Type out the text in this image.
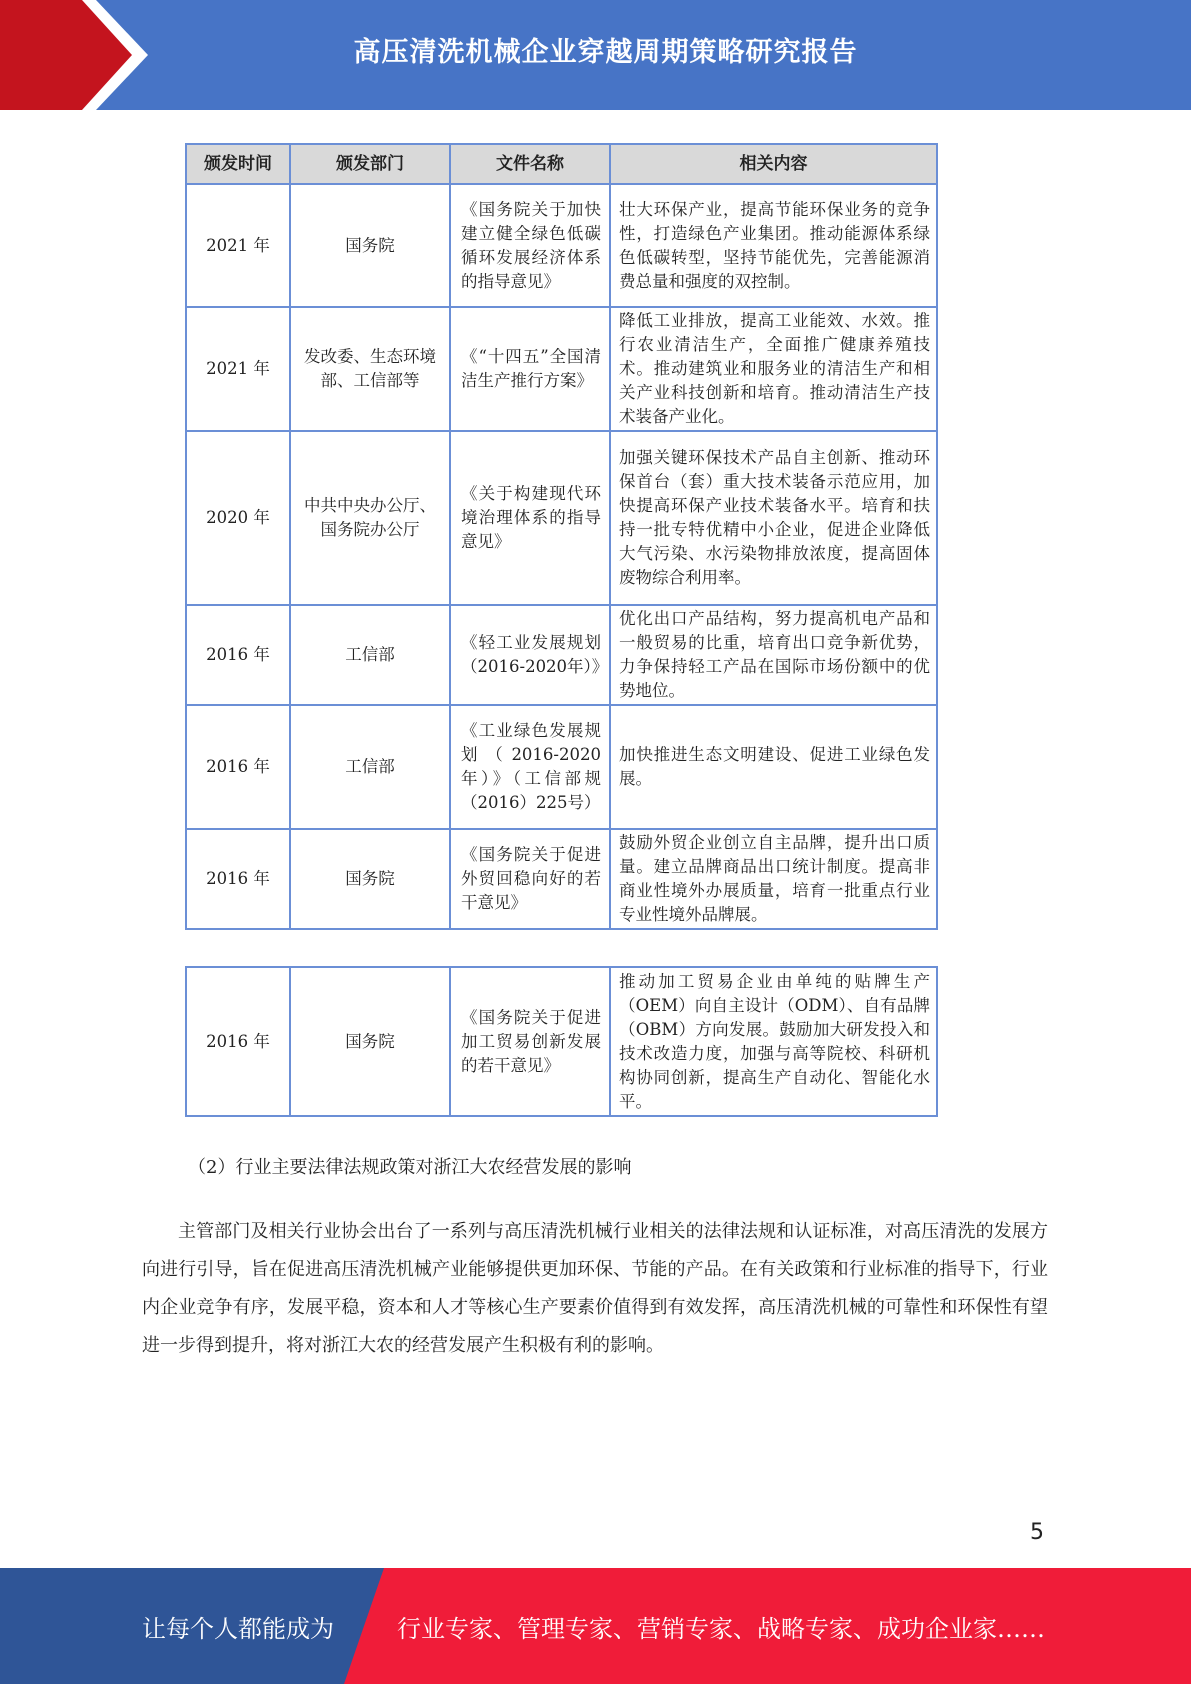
高压清洗机械企业穿越周期策略研究报告
颁发时间	颁发部门	文件名称	相关内容
2021 年	国务院	《国务院关于加快建立健全绿色低碳循环发展经济体系的指导意见》	壮大环保产业，提高节能环保业务的竞争性，打造绿色产业集团。推动能源体系绿色低碳转型，坚持节能优先，完善能源消费总量和强度的双控制。
2021 年	发改委、生态环境部、工信部等	《“十四五”全国清洁生产推行方案》	降低工业排放，提高工业能效、水效。推行农业清洁生产，全面推广健康养殖技术。推动建筑业和服务业的清洁生产和相关产业科技创新和培育。推动清洁生产技术装备产业化。
2020 年	中共中央办公厅、国务院办公厅	《关于构建现代环境治理体系的指导意见》	加强关键环保技术产品自主创新、推动环保首台（套）重大技术装备示范应用，加快提高环保产业技术装备水平。培育和扶持一批专特优精中小企业，促进企业降低大气污染、水污染物排放浓度，提高固体废物综合利用率。
2016 年	工信部	《轻工业发展规划（2016-2020年）》	优化出口产品结构，努力提高机电产品和一般贸易的比重，培育出口竞争新优势，力争保持轻工产品在国际市场份额中的优势地位。
2016 年	工信部	《工业绿色发展规划（2016-2020年）》（工信部规（2016）225号）	加快推进生态文明建设、促进工业绿色发展。
2016 年	国务院	《国务院关于促进外贸回稳向好的若干意见》	鼓励外贸企业创立自主品牌，提升出口质量。建立品牌商品出口统计制度。提高非商业性境外办展质量，培育一批重点行业专业性境外品牌展。
2016 年	国务院	《国务院关于促进加工贸易创新发展的若干意见》	推动加工贸易企业由单纯的贴牌生产（OEM）向自主设计（ODM）、自有品牌（OBM）方向发展。鼓励加大研发投入和技术改造力度，加强与高等院校、科研机构协同创新，提高生产自动化、智能化水平。
（2）行业主要法律法规政策对浙江大农经营发展的影响

主管部门及相关行业协会出台了一系列与高压清洗机械行业相关的法律法规和认证标准，对高压清洗的发展方向进行引导，旨在促进高压清洗机械产业能够提供更加环保、节能的产品。在有关政策和行业标准的指导下，行业内企业竞争有序，发展平稳，资本和人才等核心生产要素价值得到有效发挥，高压清洗机械的可靠性和环保性有望进一步得到提升，将对浙江大农的经营发展产生积极有利的影响。

5
让每个人都能成为	行业专家、管理专家、营销专家、战略专家、成功企业家……
